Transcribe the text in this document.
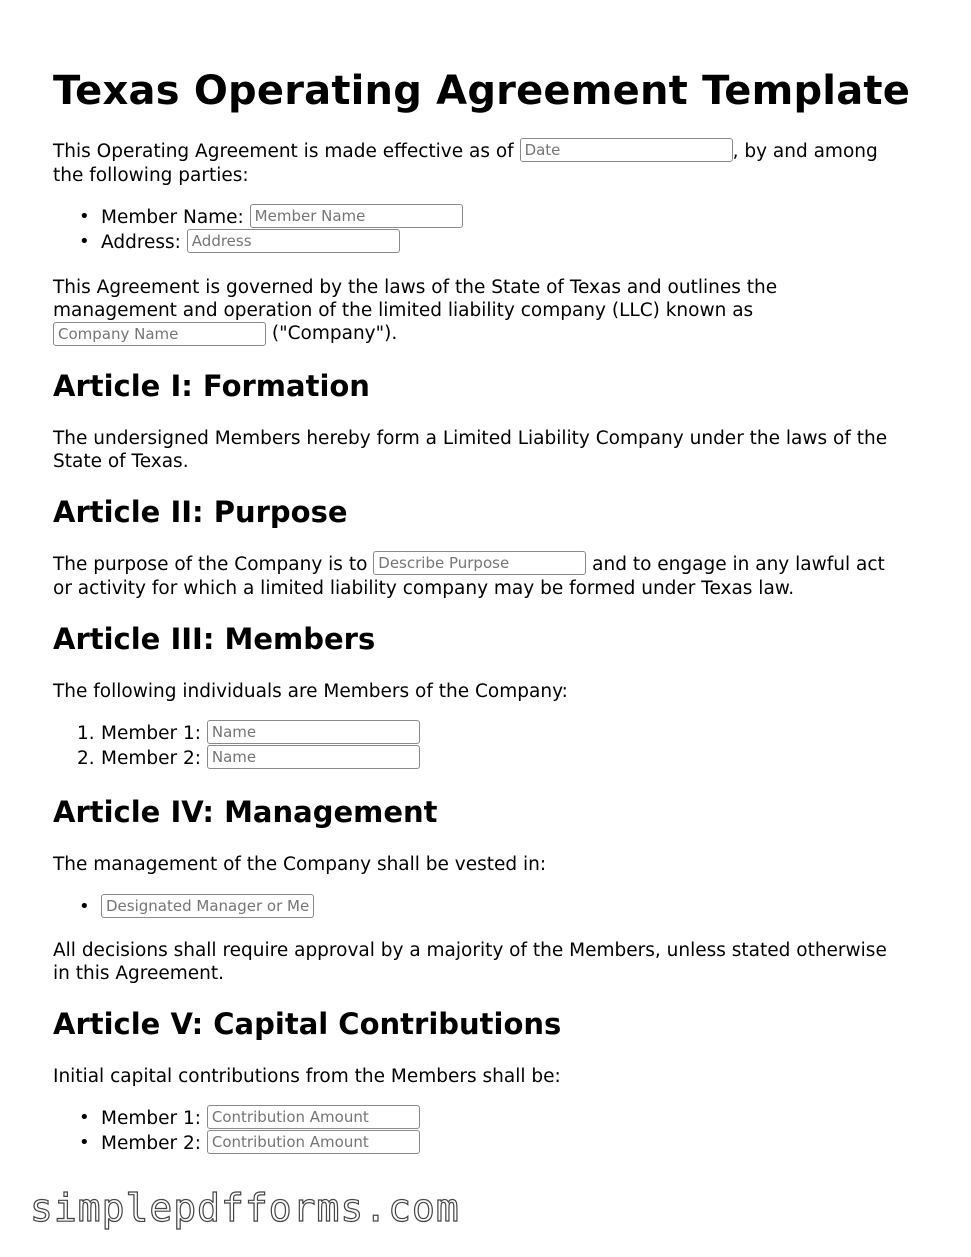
Texas Operating Agreement Template

This Operating Agreement is made effective as of Date	, by and among
the following parties:

• Member Name: Member Name
• Address: Address

This Agreement is governed by the laws of the State of Texas and outlines the
management and operation of the limited liability company (LLC) known as
Company Name ("Company").

Article I: Formation

The undersigned Members hereby form a Limited Liability Company under the laws of the
State of Texas.

Article II: Purpose

The purpose of the Company is to Describe Purpose	and to engage in any lawful act
or activity for which a limited liability company may be formed under Texas law.

Article III: Members

The following individuals are Members of the Company:

1. Member 1: Name
2. Member 2: Name
Article IV: Management

The management of the Company shall be vested in:

•
Designated Manager or Members

All decisions shall require approval by a majority of the Members, unless stated otherwise
in this Agreement.

Article V: Capital Contributions

Initial capital contributions from the Members shall be:

• Member 1: Contribution Amount
• Member 2: Contribution Amount
simplepdfforms.com
